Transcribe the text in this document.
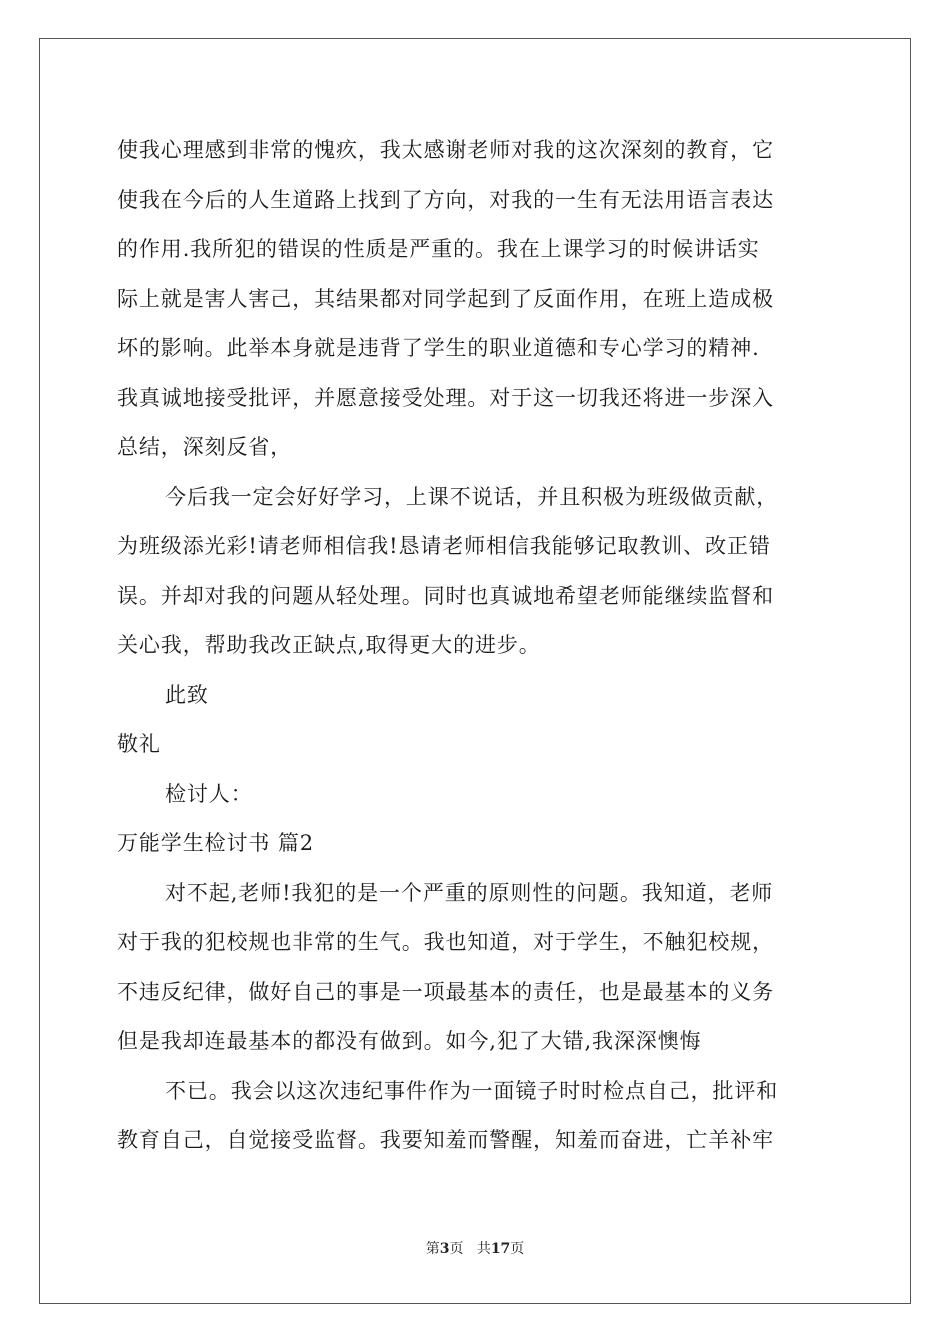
使我心理感到非常的愧疚，我太感谢老师对我的这次深刻的教育，它
使我在今后的人生道路上找到了方向，对我的一生有无法用语言表达
的作用.我所犯的错误的性质是严重的。我在上课学习的时候讲话实
际上就是害人害己，其结果都对同学起到了反面作用，在班上造成极
坏的影响。此举本身就是违背了学生的职业道德和专心学习的精神.
我真诚地接受批评，并愿意接受处理。对于这一切我还将进一步深入
总结，深刻反省，
今后我一定会好好学习，上课不说话，并且积极为班级做贡献，
为班级添光彩!请老师相信我!恳请老师相信我能够记取教训、改正错
误。并却对我的问题从轻处理。同时也真诚地希望老师能继续监督和
关心我，帮助我改正缺点,取得更大的进步。
此致
敬礼
检讨人：
万能学生检讨书 篇2
对不起,老师!我犯的是一个严重的原则性的问题。我知道，老师
对于我的犯校规也非常的生气。我也知道，对于学生，不触犯校规，
不违反纪律，做好自己的事是一项最基本的责任，也是最基本的义务
但是我却连最基本的都没有做到。如今,犯了大错,我深深懊悔
不已。我会以这次违纪事件作为一面镜子时时检点自己，批评和
教育自己，自觉接受监督。我要知羞而警醒，知羞而奋进，亡羊补牢
第3页 共17页
